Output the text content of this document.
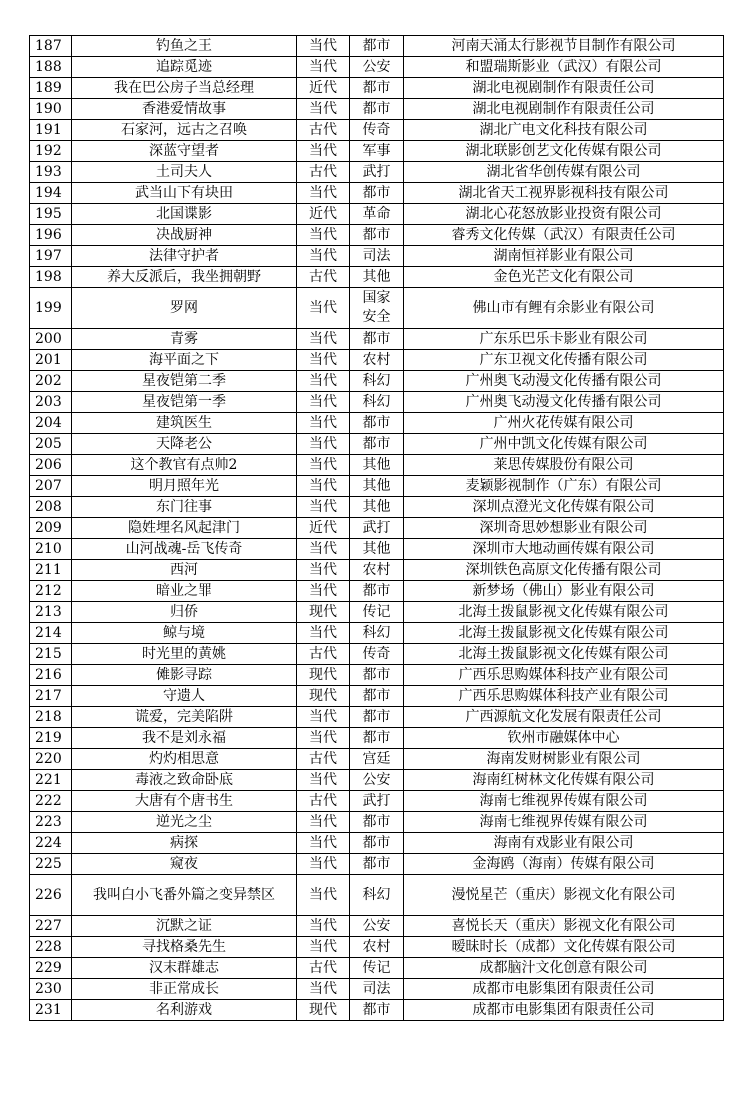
187	钓鱼之王	当代	都市	河南天涌太行影视节目制作有限公司
188	追踪觅迹	当代	公安	和盟瑞斯影业（武汉）有限公司
189	我在巴公房子当总经理	近代	都市	湖北电视剧制作有限责任公司
190	香港爱情故事	当代	都市	湖北电视剧制作有限责任公司
191	石家河，远古之召唤	古代	传奇	湖北广电文化科技有限公司
192	深蓝守望者	当代	军事	湖北联影创艺文化传媒有限公司
193	土司夫人	古代	武打	湖北省华创传媒有限公司
194	武当山下有块田	当代	都市	湖北省天工视界影视科技有限公司
195	北国谍影	近代	革命	湖北心花怒放影业投资有限公司
196	决战厨神	当代	都市	睿秀文化传媒（武汉）有限责任公司
197	法律守护者	当代	司法	湖南恒祥影业有限公司
198	养大反派后，我坐拥朝野	古代	其他	金色光芒文化有限公司
199	罗网	当代	国家安全	佛山市有鲤有余影业有限公司
200	青雾	当代	都市	广东乐巴乐卡影业有限公司
201	海平面之下	当代	农村	广东卫视文化传播有限公司
202	星夜铠第二季	当代	科幻	广州奥飞动漫文化传播有限公司
203	星夜铠第一季	当代	科幻	广州奥飞动漫文化传播有限公司
204	建筑医生	当代	都市	广州火花传媒有限公司
205	天降老公	当代	都市	广州中凯文化传媒有限公司
206	这个教官有点帅2	当代	其他	莱思传媒股份有限公司
207	明月照年光	当代	其他	麦颖影视制作（广东）有限公司
208	东门往事	当代	其他	深圳点澄光文化传媒有限公司
209	隐姓埋名风起津门	近代	武打	深圳奇思妙想影业有限公司
210	山河战魂-岳飞传奇	当代	其他	深圳市大地动画传媒有限公司
211	西河	当代	农村	深圳铁色高原文化传播有限公司
212	暗业之罪	当代	都市	新梦场（佛山）影业有限公司
213	归侨	现代	传记	北海土拨鼠影视文化传媒有限公司
214	鲸与境	当代	科幻	北海土拨鼠影视文化传媒有限公司
215	时光里的黄姚	古代	传奇	北海土拨鼠影视文化传媒有限公司
216	傩影寻踪	现代	都市	广西乐思购媒体科技产业有限公司
217	守遗人	现代	都市	广西乐思购媒体科技产业有限公司
218	谎爱，完美陷阱	当代	都市	广西源航文化发展有限责任公司
219	我不是刘永福	当代	都市	钦州市融媒体中心
220	灼灼相思意	古代	宫廷	海南发财树影业有限公司
221	毒液之致命卧底	当代	公安	海南红树林文化传媒有限公司
222	大唐有个唐书生	古代	武打	海南七维视界传媒有限公司
223	逆光之尘	当代	都市	海南七维视界传媒有限公司
224	病探	当代	都市	海南有戏影业有限公司
225	窥夜	当代	都市	金海鸥（海南）传媒有限公司
226	我叫白小飞番外篇之变异禁区	当代	科幻	漫悦星芒（重庆）影视文化有限公司
227	沉默之证	当代	公安	喜悦长天（重庆）影视文化有限公司
228	寻找格桑先生	当代	农村	暧昧时长（成都）文化传媒有限公司
229	汉末群雄志	古代	传记	成都脑汁文化创意有限公司
230	非正常成长	当代	司法	成都市电影集团有限责任公司
231	名利游戏	现代	都市	成都市电影集团有限责任公司
